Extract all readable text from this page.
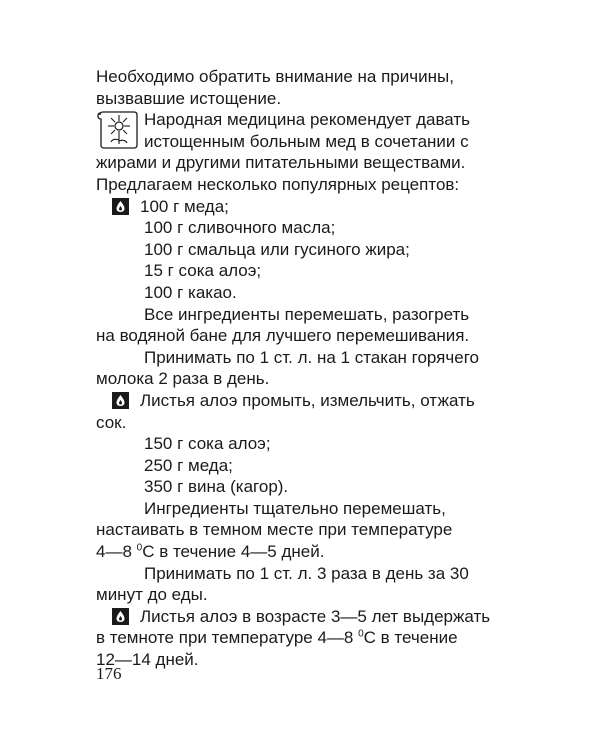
Необходимо обратить внимание на причины,
вызвавшие истощение.
Народная медицина рекомендует давать
истощенным больным мед в сочетании с
жирами и другими питательными веществами.
Предлагаем несколько популярных рецептов:
100 г меда;
100 г сливочного масла;
100 г смальца или гусиного жира;
15 г сока алоэ;
100 г какао.
Все ингредиенты перемешать, разогреть
на водяной бане для лучшего перемешивания.
Принимать по 1 ст. л. на 1 стакан горячего
молока 2 раза в день.
Листья алоэ промыть, измельчить, отжать
сок.
150 г сока алоэ;
250 г меда;
350 г вина (кагор).
Ингредиенты тщательно перемешать,
настаивать в темном месте при температуре
4—8 $^0$С в течение 4—5 дней.
Принимать по 1 ст. л. 3 раза в день за 30
минут до еды.
Листья алоэ в возрасте 3—5 лет выдержать
в темноте при температуре 4—8 $^0$С в течение
12—14 дней.
176
